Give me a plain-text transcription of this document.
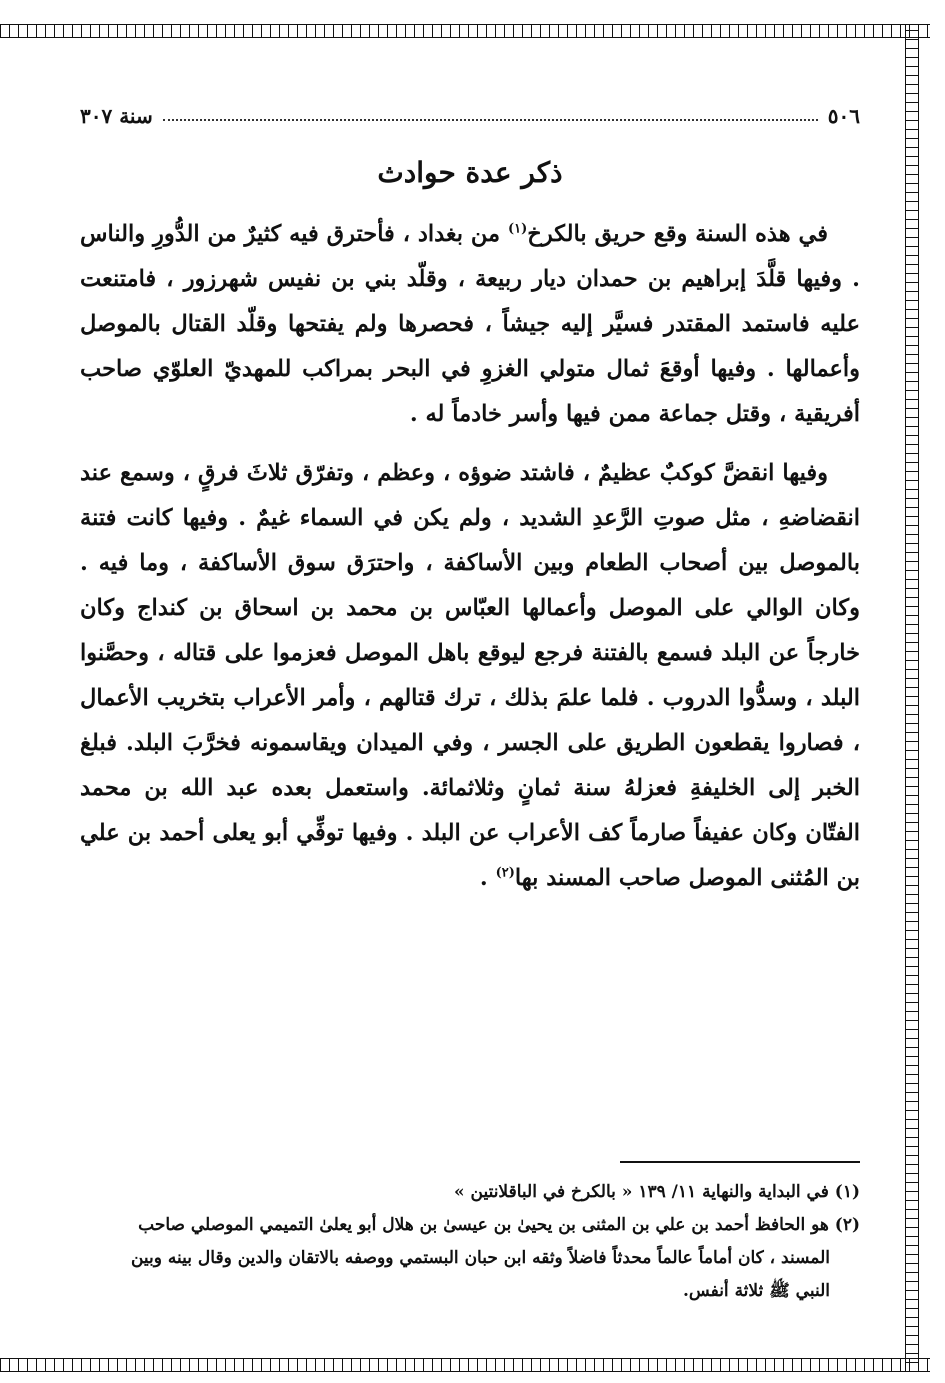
٥٠٦
سنة ٣٠٧
ذكر عدة حوادث

في هذه السنة وقع حريق بالكرخ$^{(١)}$ من بغداد ، فأحترق فيه كثيرٌ من الدُّورِ والناس . وفيها قلَّدَ إبراهيم بن حمدان ديار ربيعة ، وقلّد بني بن نفيس شهرزور ، فامتنعت عليه فاستمد المقتدر فسيَّر إليه جيشاً ، فحصرها ولم يفتحها وقلّد القتال بالموصل وأعمالها . وفيها أوقعَ ثمال متولي الغزوِ في البحر بمراكب للمهديّ العلوّي صاحب أفريقية ، وقتل جماعة ممن فيها وأسر خادماً له .

وفيها انقضَّ كوكبٌ عظيمٌ ، فاشتد ضوؤه ، وعظم ، وتفرّق ثلاثَ فرقٍ ، وسمع عند انقضاضهِ ، مثل صوتِ الرَّعدِ الشديد ، ولم يكن في السماء غيمٌ . وفيها كانت فتنة بالموصل بين أصحاب الطعام وبين الأساكفة ، واحترَق سوق الأساكفة ، وما فيه . وكان الوالي على الموصل وأعمالها العبّاس بن محمد بن اسحاق بن كنداج وكان خارجاً عن البلد فسمع بالفتنة فرجع ليوقع باهل الموصل فعزموا على قتاله ، وحصَّنوا البلد ، وسدُّوا الدروب . فلما علمَ بذلك ، ترك قتالهم ، وأمر الأعراب بتخريب الأعمال ، فصاروا يقطعون الطريق على الجسر ، وفي الميدان ويقاسمونه فخرَّبَ البلد. فبلغ الخبر إلى الخليفةِ فعزلهُ سنة ثمانٍ وثلاثمائة. واستعمل بعده عبد الله بن محمد الفتّان وكان عفيفاً صارماً كف الأعراب عن البلد . وفيها توفِّي أبو يعلى أحمد بن علي بن المُثنى الموصل صاحب المسند بها$^{(٢)}$ .

(١) في البداية والنهاية ١١/ ١٣٩ « بالكرخ في الباقلانتين »
(٢) هو الحافظ أحمد بن علي بن المثنى بن يحيىٰ بن عيسىٰ بن هلال أبو يعلىٰ التميمي الموصلي صاحب
المسند ، كان أماماً عالماً محدثاً فاضلاً وثقه ابن حبان البستمي ووصفه بالاتقان والدين وقال بينه وبين
النبي ﷺ ثلاثة أنفس.
